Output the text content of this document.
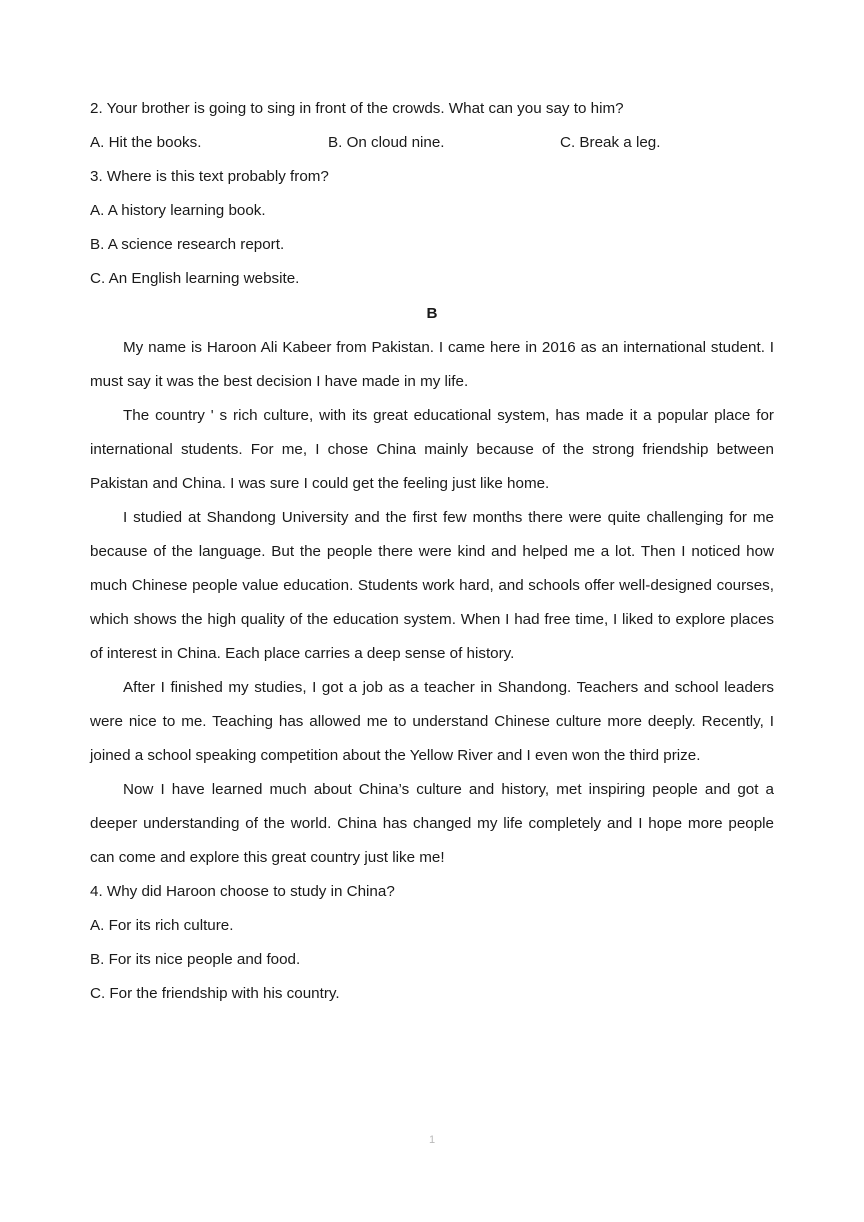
2. Your brother is going to sing in front of the crowds. What can you say to him?
A. Hit the books.	B. On cloud nine.	C. Break a leg.
3. Where is this text probably from?
A. A history learning book.
B. A science research report.
C. An English learning website.
B

My name is Haroon Ali Kabeer from Pakistan. I came here in 2016 as an international student. I must say it was the best decision I have made in my life.

The country ' s rich culture, with its great educational system, has made it a popular place for international students. For me, I chose China mainly because of the strong friendship between Pakistan and China. I was sure I could get the feeling just like home.

I studied at Shandong University and the first few months there were quite challenging for me because of the language. But the people there were kind and helped me a lot. Then I noticed how much Chinese people value education. Students work hard, and schools offer well-designed courses, which shows the high quality of the education system. When I had free time, I liked to explore places of interest in China. Each place carries a deep sense of history.

After I finished my studies, I got a job as a teacher in Shandong. Teachers and school leaders were nice to me. Teaching has allowed me to understand Chinese culture more deeply. Recently, I joined a school speaking competition about the Yellow River and I even won the third prize.

Now I have learned much about China’s culture and history, met inspiring people and got a deeper understanding of the world. China has changed my life completely and I hope more people can come and explore this great country just like me!

4. Why did Haroon choose to study in China?
A. For its rich culture.
B. For its nice people and food.
C. For the friendship with his country.
1
